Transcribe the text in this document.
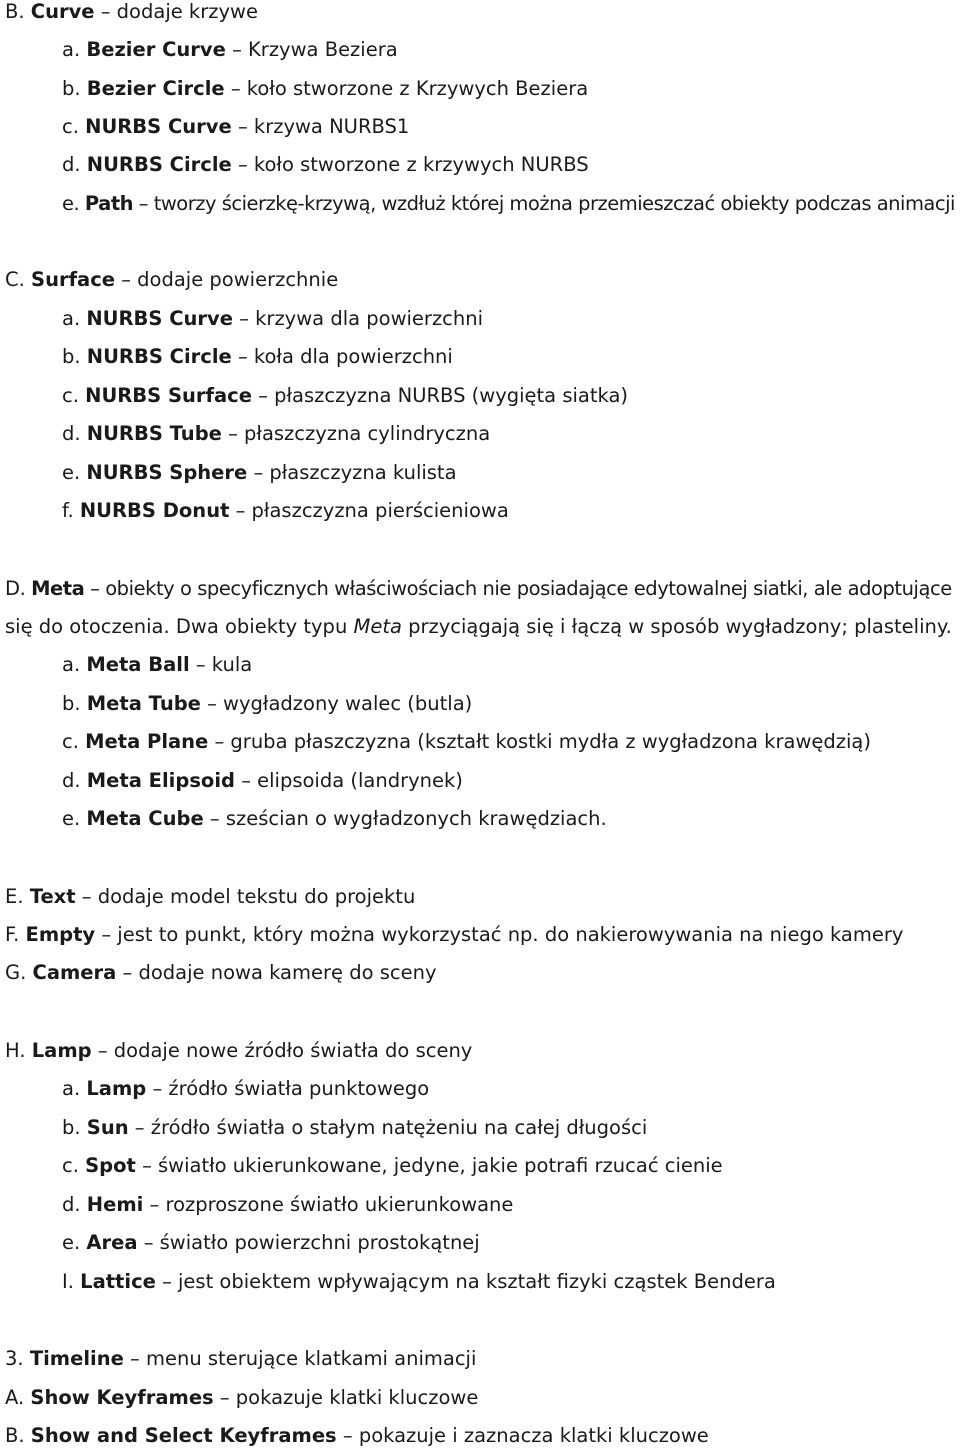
B. Curve – dodaje krzywe
a. Bezier Curve – Krzywa Beziera
b. Bezier Circle – koło stworzone z Krzywych Beziera
c. NURBS Curve – krzywa NURBS1
d. NURBS Circle – koło stworzone z krzywych NURBS
e. Path – tworzy ścierzkę-krzywą, wzdłuż której można przemieszczać obiekty podczas animacji
C. Surface – dodaje powierzchnie
a. NURBS Curve – krzywa dla powierzchni
b. NURBS Circle – koła dla powierzchni
c. NURBS Surface – płaszczyzna NURBS (wygięta siatka)
d. NURBS Tube – płaszczyzna cylindryczna
e. NURBS Sphere – płaszczyzna kulista
f. NURBS Donut – płaszczyzna pierścieniowa
D. Meta – obiekty o specyficznych właściwościach nie posiadające edytowalnej siatki, ale adoptujące
się do otoczenia. Dwa obiekty typu Meta przyciągają się i łączą w sposób wygładzony; plasteliny.
a. Meta Ball – kula
b. Meta Tube – wygładzony walec (butla)
c. Meta Plane – gruba płaszczyzna (kształt kostki mydła z wygładzona krawędzią)
d. Meta Elipsoid – elipsoida (landrynek)
e. Meta Cube – sześcian o wygładzonych krawędziach.
E. Text – dodaje model tekstu do projektu
F. Empty – jest to punkt, który można wykorzystać np. do nakierowywania na niego kamery
G. Camera – dodaje nowa kamerę do sceny
H. Lamp – dodaje nowe źródło światła do sceny
a. Lamp – źródło światła punktowego
b. Sun – źródło światła o stałym natężeniu na całej długości
c. Spot – światło ukierunkowane, jedyne, jakie potrafi rzucać cienie
d. Hemi – rozproszone światło ukierunkowane
e. Area – światło powierzchni prostokątnej
I. Lattice – jest obiektem wpływającym na kształt fizyki cząstek Bendera
3. Timeline – menu sterujące klatkami animacji
A. Show Keyframes – pokazuje klatki kluczowe
B. Show and Select Keyframes – pokazuje i zaznacza klatki kluczowe
